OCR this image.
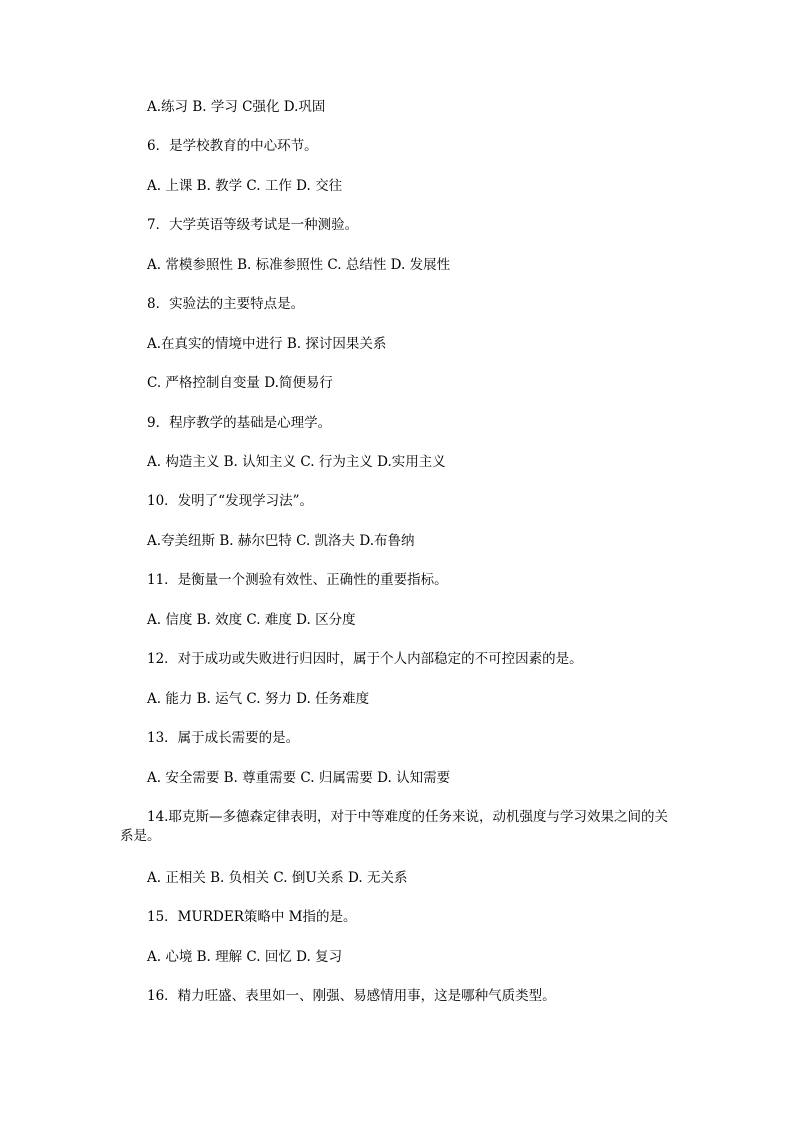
A.练习 B. 学习 C强化 D.巩固
6．是学校教育的中心环节。
A. 上课 B. 教学 C. 工作 D. 交往
7．大学英语等级考试是一种测验。
A. 常模参照性 B. 标准参照性 C. 总结性 D. 发展性
8．实验法的主要特点是。
A.在真实的情境中进行 B. 探讨因果关系
C. 严格控制自变量 D.简便易行
9．程序教学的基础是心理学。
A. 构造主义 B. 认知主义 C. 行为主义 D.实用主义
10．发明了“发现学习法”。
A.夸美纽斯 B. 赫尔巴特 C. 凯洛夫 D.布鲁纳
11．是衡量一个测验有效性、正确性的重要指标。
A. 信度 B. 效度 C. 难度 D. 区分度
12．对于成功或失败进行归因时，属于个人内部稳定的不可控因素的是。
A. 能力 B. 运气 C. 努力 D. 任务难度
13．属于成长需要的是。
A. 安全需要 B. 尊重需要 C. 归属需要 D. 认知需要
14.耶克斯—多德森定律表明，对于中等难度的任务来说，动机强度与学习效果之间的关系是。
A. 正相关 B. 负相关 C. 倒U关系 D. 无关系
15．MURDER策略中 M指的是。
A. 心境 B. 理解 C. 回忆 D. 复习
16．精力旺盛、表里如一、刚强、易感情用事，这是哪种气质类型。
